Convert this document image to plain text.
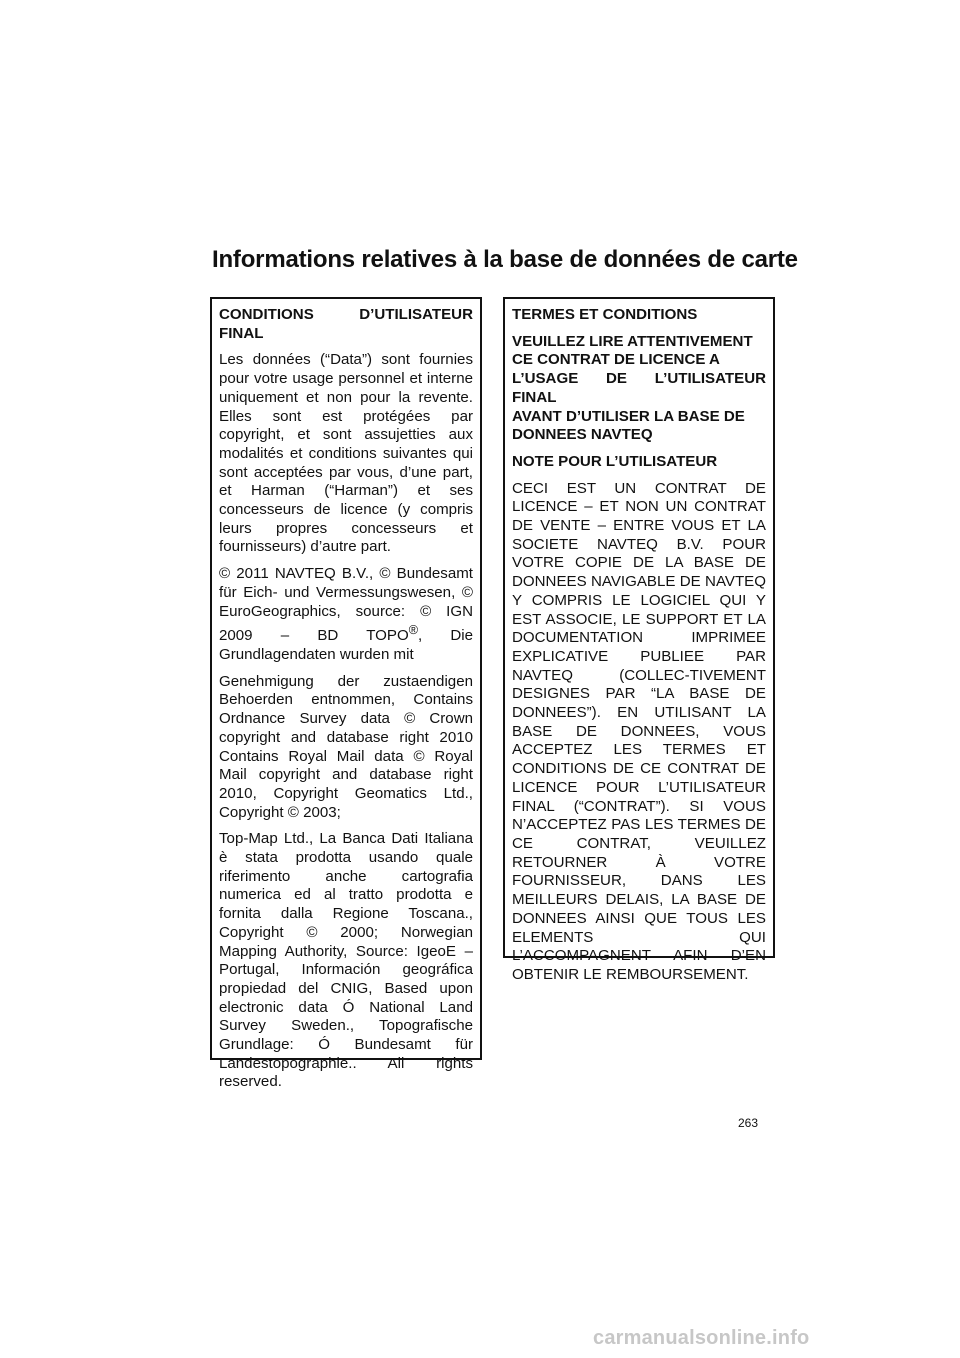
Informations relatives à la base de données de carte

CONDITIONS D’UTILISATEUR FINAL

Les données (“Data”) sont fournies pour votre usage personnel et interne uniquement et non pour la revente. Elles sont est protégées par copyright, et sont assujetties aux modalités et conditions suivantes qui sont acceptées par vous, d’une part, et Harman (“Harman”) et ses concesseurs de licence (y compris leurs propres concesseurs et fournisseurs) d’autre part.

© 2011 NAVTEQ B.V., © Bundesamt für Eich- und Vermessungswesen, © EuroGeographics, source: © IGN 2009 – BD TOPO®, Die Grundlagendaten wurden mit

Genehmigung der zustaendigen Behoerden entnommen, Contains Ordnance Survey data © Crown copyright and database right 2010 Contains Royal Mail data © Royal Mail copyright and database right 2010, Copyright Geomatics Ltd., Copyright © 2003;

Top-Map Ltd., La Banca Dati Italiana è stata prodotta usando quale riferimento anche cartografia numerica ed al tratto prodotta e fornita dalla Regione Toscana., Copyright © 2000; Norwegian Mapping Authority, Source: IgeoE – Portugal, Información geográfica propiedad del CNIG, Based upon electronic data Ó National Land Survey Sweden., Topografische Grundlage: Ó Bundesamt für Landestopographie.. All rights reserved.

TERMES ET CONDITIONS

VEUILLEZ LIRE ATTENTIVEMENT
CE CONTRAT DE LICENCE A
L’USAGE DE L’UTILISATEUR FINAL
AVANT D’UTILISER LA BASE DE
DONNEES NAVTEQ

NOTE POUR L’UTILISATEUR

CECI EST UN CONTRAT DE LICENCE – ET NON UN CONTRAT DE VENTE – ENTRE VOUS ET LA SOCIETE NAVTEQ B.V. POUR VOTRE COPIE DE LA BASE DE DONNEES NAVIGABLE DE NAVTEQ Y COMPRIS LE LOGICIEL QUI Y EST ASSOCIE, LE SUPPORT ET LA DOCUMENTATION IMPRIMEE EXPLICATIVE PUBLIEE PAR NAVTEQ (COLLEC-TIVEMENT DESIGNES PAR “LA BASE DE DONNEES”). EN UTILISANT LA BASE DE DONNEES, VOUS ACCEPTEZ LES TERMES ET CONDITIONS DE CE CONTRAT DE LICENCE POUR L’UTILISATEUR FINAL (“CONTRAT”). SI VOUS N’ACCEPTEZ PAS LES TERMES DE CE CONTRAT, VEUILLEZ RETOURNER À VOTRE FOURNISSEUR, DANS LES MEILLEURS DELAIS, LA BASE DE DONNEES AINSI QUE TOUS LES ELEMENTS QUI L’ACCOMPAGNENT AFIN D’EN OBTENIR LE REMBOURSEMENT.

263
carmanualsonline.info
